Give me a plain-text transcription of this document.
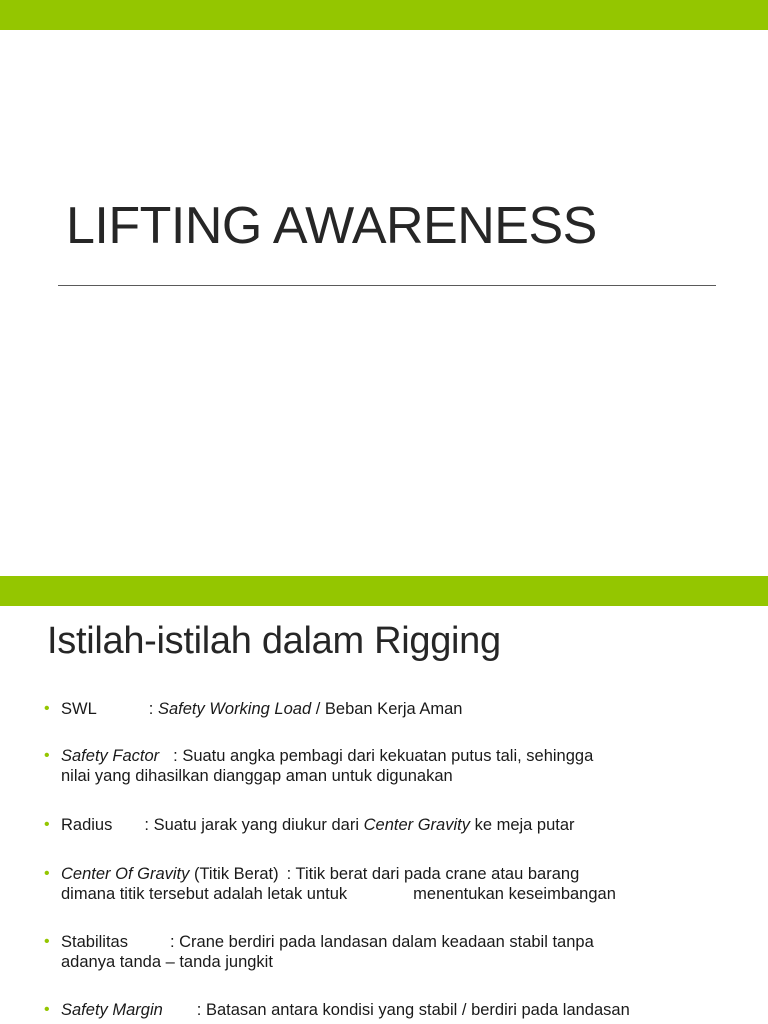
LIFTING AWARENESS
Istilah-istilah dalam Rigging
• SWL	: Safety Working Load / Beban Kerja Aman
• Safety Factor : Suatu angka pembagi dari kekuatan putus tali, sehingga
nilai yang dihasilkan dianggap aman untuk digunakan
• Radius : Suatu jarak yang diukur dari Center Gravity ke meja putar
• Center Of Gravity (Titik Berat) : Titik berat dari pada crane atau barang
dimana titik tersebut adalah letak untuk	menentukan keseimbangan
• Stabilitas	: Crane berdiri pada landasan dalam keadaan stabil tanpa
adanya tanda – tanda jungkit
• Safety Margin : Batasan antara kondisi yang stabil / berdiri pada landasan
